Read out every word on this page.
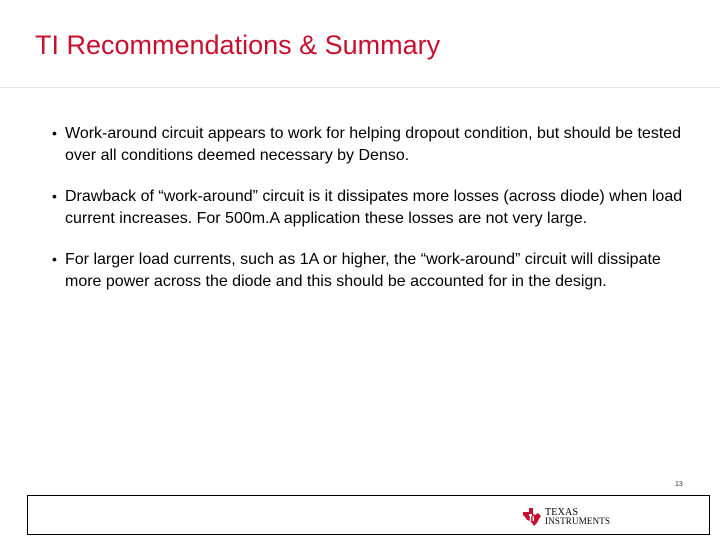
TI Recommendations & Summary
• Work-around circuit appears to work for helping dropout condition, but should be tested over all conditions deemed necessary by Denso.
• Drawback of “work-around” circuit is it dissipates more losses (across diode) when load current increases. For 500m.A application these losses are not very large.
• For larger load currents, such as 1A or higher, the “work-around” circuit will dissipate more power across the diode and this should be accounted for in the design.
13
TEXAS
INSTRUMENTS
